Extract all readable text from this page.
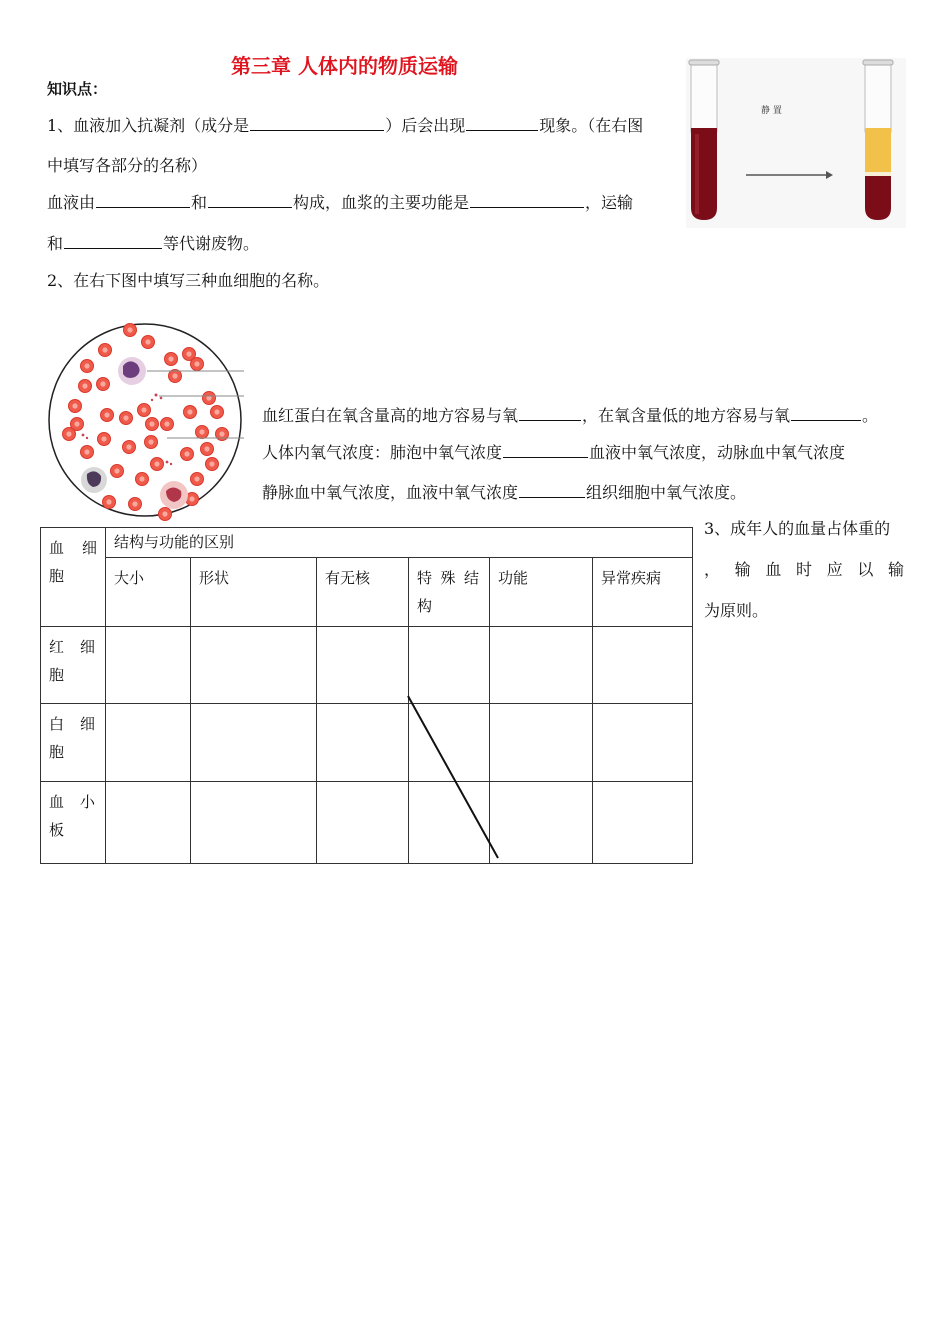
第三章 人体内的物质运输
知识点：
1、血液加入抗凝剂（成分是	）后会出现	现象。（在右图
中填写各部分的名称）
血液由	和	构成，血浆的主要功能是	，运输
和	等代谢废物。
静 置
2、在右下图中填写三种血细胞的名称。
血红蛋白在氧含量高的地方容易与氧	，在氧含量低的地方容易与氧	。
人体内氧气浓度：肺泡中氧气浓度	血液中氧气浓度，动脉血中氧气浓度
静脉血中氧气浓度，血液中氧气浓度	组织细胞中氧气浓度。
3、成年人的血量占体重的
，输血时应以输
为原则。
血 细胞	结构与功能的区别					
	大小	形状	有无核	特 殊 结构	功能	异常疾病

红 细胞						

白 细胞						

血 小板						
